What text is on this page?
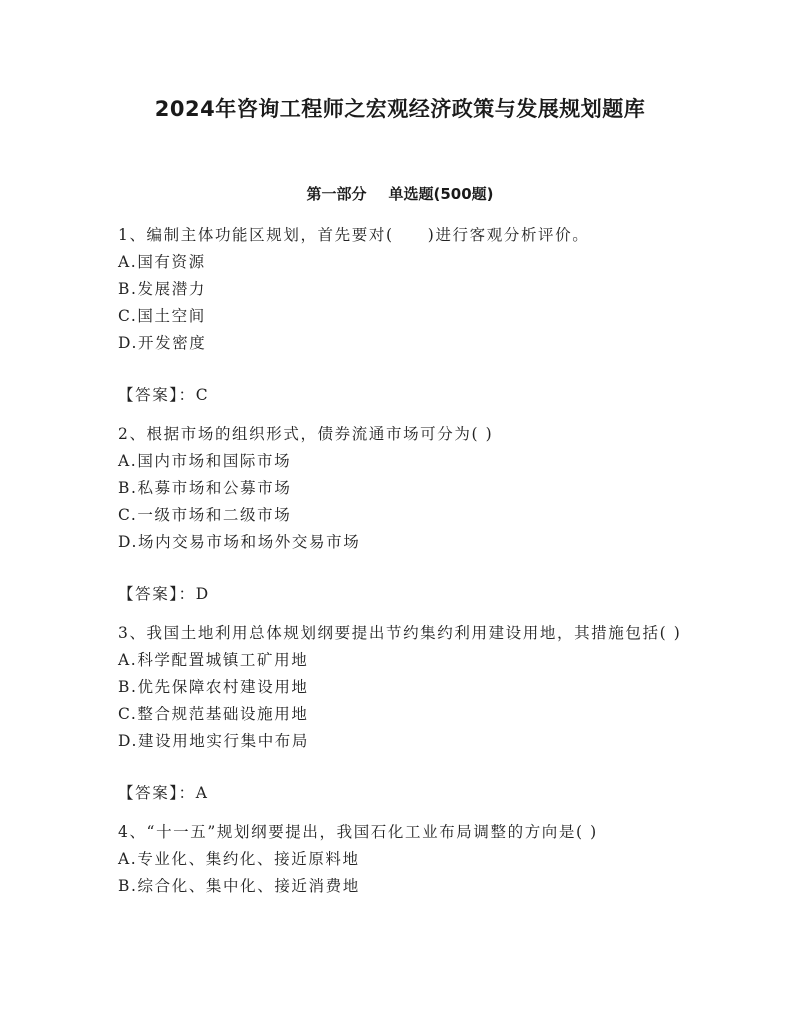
2024年咨询工程师之宏观经济政策与发展规划题库
第一部分 单选题(500题)
1、编制主体功能区规划，首先要对(　　)进行客观分析评价。
A.国有资源
B.发展潜力
C.国土空间
D.开发密度
【答案】：C
2、根据市场的组织形式，债券流通市场可分为( )
A.国内市场和国际市场
B.私募市场和公募市场
C.一级市场和二级市场
D.场内交易市场和场外交易市场
【答案】：D
3、我国土地利用总体规划纲要提出节约集约利用建设用地，其措施包括( )
A.科学配置城镇工矿用地
B.优先保障农村建设用地
C.整合规范基础设施用地
D.建设用地实行集中布局
【答案】：A
4、“十一五”规划纲要提出，我国石化工业布局调整的方向是( )
A.专业化、集约化、接近原料地
B.综合化、集中化、接近消费地
